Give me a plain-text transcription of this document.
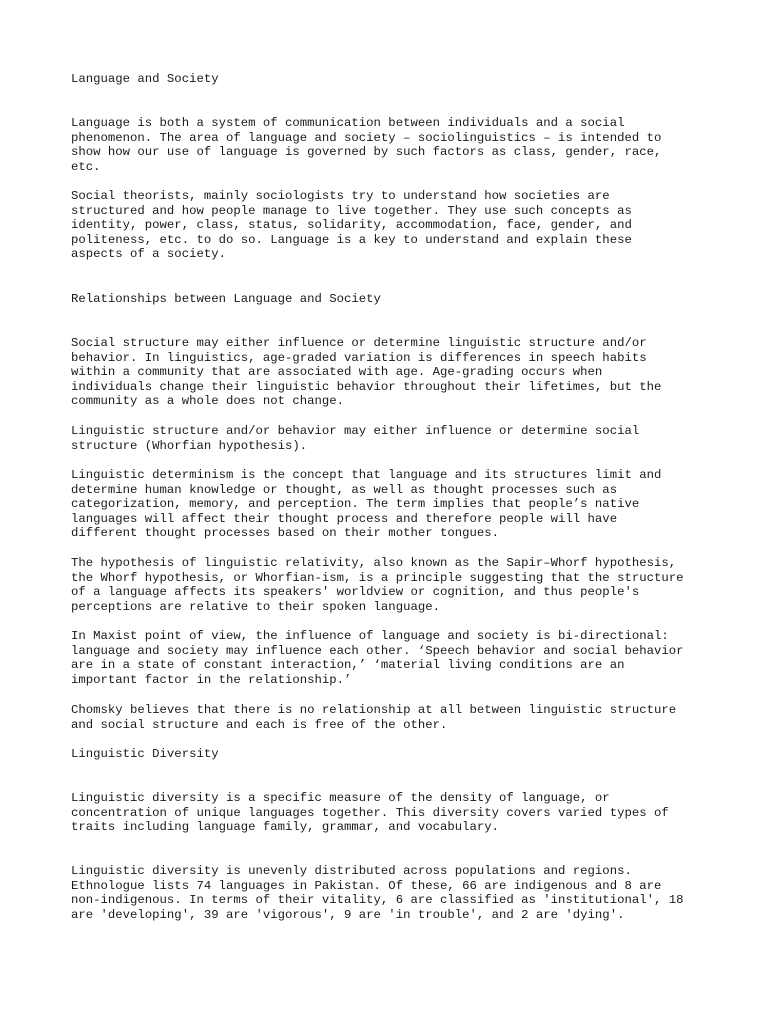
Language and Society

Language is both a system of communication between individuals and a social
phenomenon. The area of language and society – sociolinguistics – is intended to
show how our use of language is governed by such factors as class, gender, race,
etc.

Social theorists, mainly sociologists try to understand how societies are
structured and how people manage to live together. They use such concepts as
identity, power, class, status, solidarity, accommodation, face, gender, and
politeness, etc. to do so. Language is a key to understand and explain these
aspects of a society.

Relationships between Language and Society

Social structure may either influence or determine linguistic structure and/or
behavior. In linguistics, age-graded variation is differences in speech habits
within a community that are associated with age. Age-grading occurs when
individuals change their linguistic behavior throughout their lifetimes, but the
community as a whole does not change.

Linguistic structure and/or behavior may either influence or determine social
structure (Whorfian hypothesis).

Linguistic determinism is the concept that language and its structures limit and
determine human knowledge or thought, as well as thought processes such as
categorization, memory, and perception. The term implies that people’s native
languages will affect their thought process and therefore people will have
different thought processes based on their mother tongues.

The hypothesis of linguistic relativity, also known as the Sapir–Whorf hypothesis,
the Whorf hypothesis, or Whorfian-ism, is a principle suggesting that the structure
of a language affects its speakers' worldview or cognition, and thus people's
perceptions are relative to their spoken language.

In Maxist point of view, the influence of language and society is bi-directional:
language and society may influence each other. ‘Speech behavior and social behavior
are in a state of constant interaction,’ ‘material living conditions are an
important factor in the relationship.’

Chomsky believes that there is no relationship at all between linguistic structure
and social structure and each is free of the other.

Linguistic Diversity

Linguistic diversity is a specific measure of the density of language, or
concentration of unique languages together. This diversity covers varied types of
traits including language family, grammar, and vocabulary.

Linguistic diversity is unevenly distributed across populations and regions.
Ethnologue lists 74 languages in Pakistan. Of these, 66 are indigenous and 8 are
non-indigenous. In terms of their vitality, 6 are classified as 'institutional', 18
are 'developing', 39 are 'vigorous', 9 are 'in trouble', and 2 are 'dying'.
